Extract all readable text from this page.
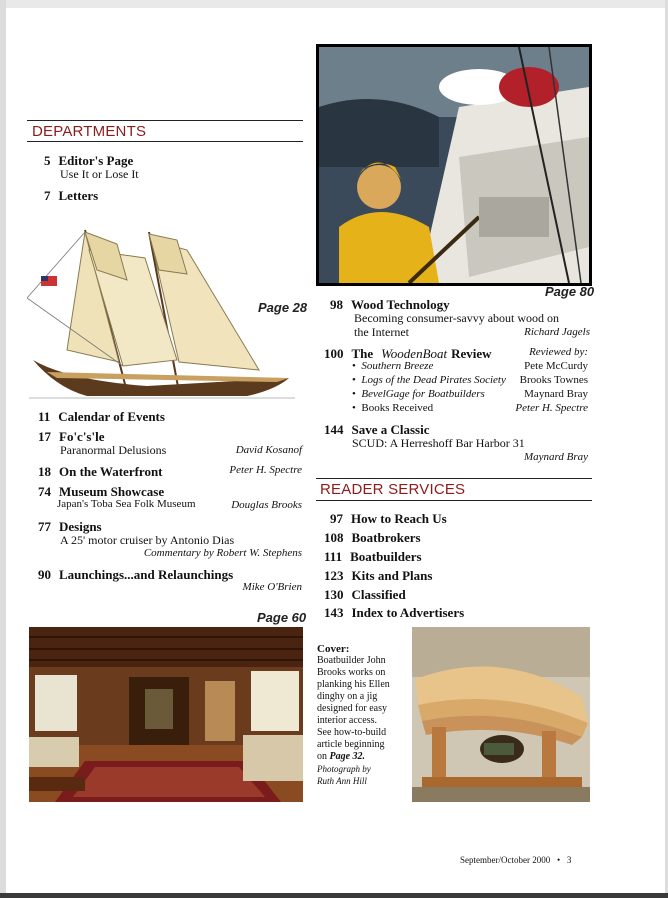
DEPARTMENTS
5 Editor's Page
Use It or Lose It
7 Letters
Page 28
11 Calendar of Events
17 Fo'c's'le
Paranormal Delusions	David Kosanof
18 On the Waterfront	Peter H. Spectre
74 Museum Showcase
Japan's Toba Sea Folk Museum	Douglas Brooks
77 Designs
A 25' motor cruiser by Antonio Dias
Commentary by Robert W. Stephens
90 Launchings...and Relaunchings
Mike O'Brien
Page 60
Page 80
98 Wood Technology
Becoming consumer-savvy about wood on
the Internet	Richard Jagels
100 The WoodenBoat Review	Reviewed by:
•  Southern Breeze	Pete McCurdy
•  Logs of the Dead Pirates Society	Brooks Townes
•  BevelGage for Boatbuilders	Maynard Bray
•  Books Received	Peter H. Spectre
144 Save a Classic
SCUD: A Herreshoff Bar Harbor 31
Maynard Bray
READER SERVICES
97 How to Reach Us
108 Boatbrokers
111 Boatbuilders
123 Kits and Plans
130 Classified
143 Index to Advertisers
Cover:
Boatbuilder John
Brooks works on
planking his Ellen
dinghy on a jig
designed for easy
interior access.
See how-to-build
article beginning
on Page 32.
Photograph by
Ruth Ann Hill
September/October 2000   •   3
